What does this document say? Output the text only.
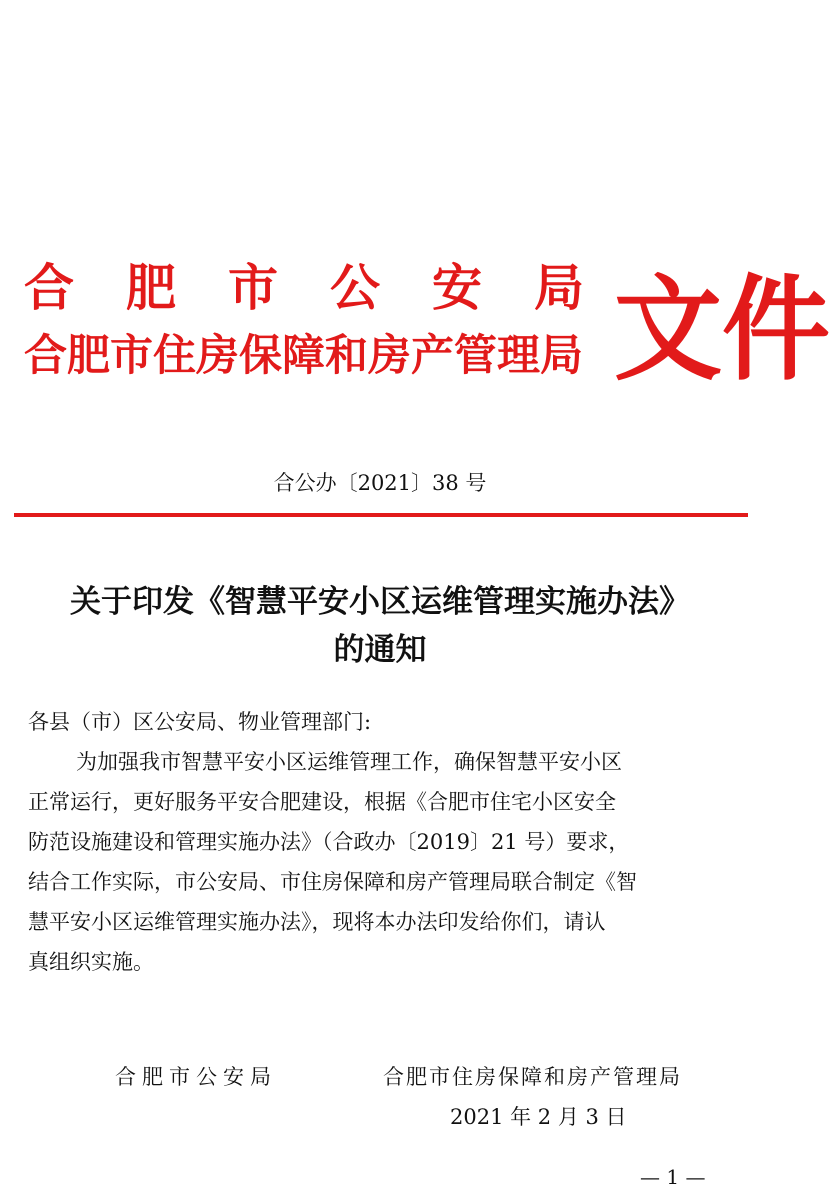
合 肥 市 公 安 局
合肥市住房保障和房产管理局 文件
合公办〔2021〕38 号
关于印发《智慧平安小区运维管理实施办法》
的通知
各县（市）区公安局、物业管理部门:
为加强我市智慧平安小区运维管理工作，确保智慧平安小区
正常运行，更好服务平安合肥建设，根据《合肥市住宅小区安全
防范设施建设和管理实施办法》（合政办〔2019〕21 号）要求，
结合工作实际，市公安局、市住房保障和房产管理局联合制定《智
慧平安小区运维管理实施办法》，现将本办法印发给你们，请认
真组织实施。
合肥市公安局	合肥市住房保障和房产管理局
2021 年 2 月 3 日
— 1 —
